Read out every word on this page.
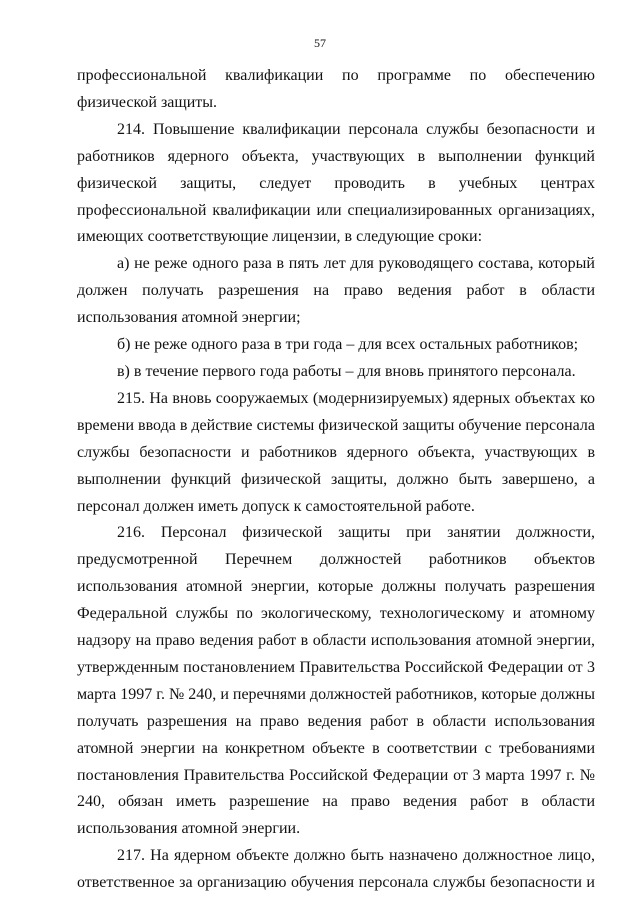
57

профессиональной квалификации по программе по обеспечению физической защиты.

214. Повышение квалификации персонала службы безопасности и работников ядерного объекта, участвующих в выполнении функций физической защиты, следует проводить в учебных центрах профессиональной квалификации или специализированных организациях, имеющих соответствующие лицензии, в следующие сроки:

а) не реже одного раза в пять лет для руководящего состава, который должен получать разрешения на право ведения работ в области использования атомной энергии;

б) не реже одного раза в три года – для всех остальных работников;

в) в течение первого года работы – для вновь принятого персонала.

215. На вновь сооружаемых (модернизируемых) ядерных объектах ко времени ввода в действие системы физической защиты обучение персонала службы безопасности и работников ядерного объекта, участвующих в выполнении функций физической защиты, должно быть завершено, а персонал должен иметь допуск к самостоятельной работе.

216. Персонал физической защиты при занятии должности, предусмотренной Перечнем должностей работников объектов использования атомной энергии, которые должны получать разрешения Федеральной службы по экологическому, технологическому и атомному надзору на право ведения работ в области использования атомной энергии, утвержденным постановлением Правительства Российской Федерации от 3 марта 1997 г. № 240, и перечнями должностей работников, которые должны получать разрешения на право ведения работ в области использования атомной энергии на конкретном объекте в соответствии с требованиями постановления Правительства Российской Федерации от 3 марта 1997 г. № 240, обязан иметь разрешение на право ведения работ в области использования атомной энергии.

217. На ядерном объекте должно быть назначено должностное лицо, ответственное за организацию обучения персонала службы безопасности и
